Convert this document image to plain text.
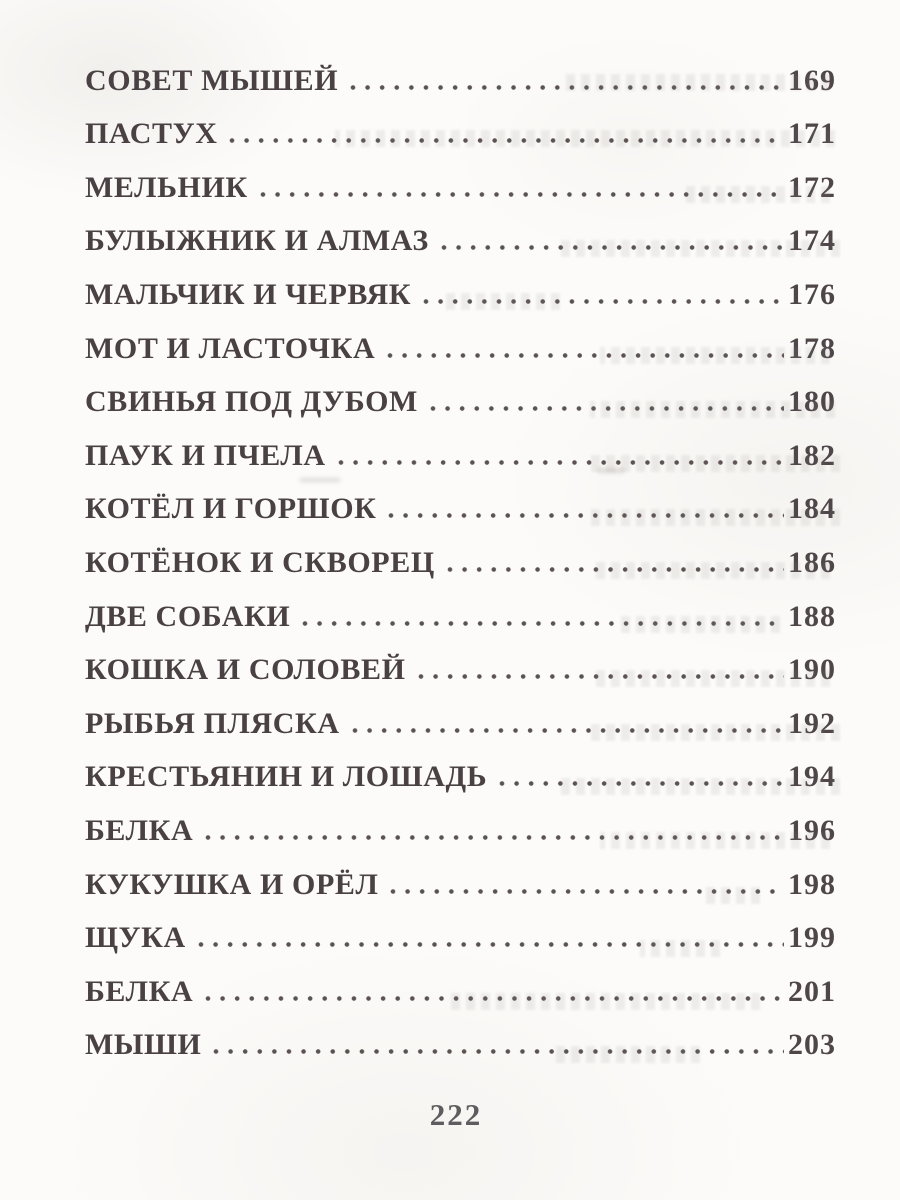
СОВЕТ МЫШЕЙ	169
ПАСТУХ	171
МЕЛЬНИК	172
БУЛЫЖНИК И АЛМАЗ	174
МАЛЬЧИК И ЧЕРВЯК	176
МОТ И ЛАСТОЧКА	178
СВИНЬЯ ПОД ДУБОМ	180
ПАУК И ПЧЕЛА	182
КОТЁЛ И ГОРШОК	184
КОТЁНОК И СКВОРЕЦ	186
ДВЕ СОБАКИ	188
КОШКА И СОЛОВЕЙ	190
РЫБЬЯ ПЛЯСКА	192
КРЕСТЬЯНИН И ЛОШАДЬ	194
БЕЛКА	196
КУКУШКА И ОРЁЛ	198
ЩУКА	199
БЕЛКА	201
МЫШИ	203
222
